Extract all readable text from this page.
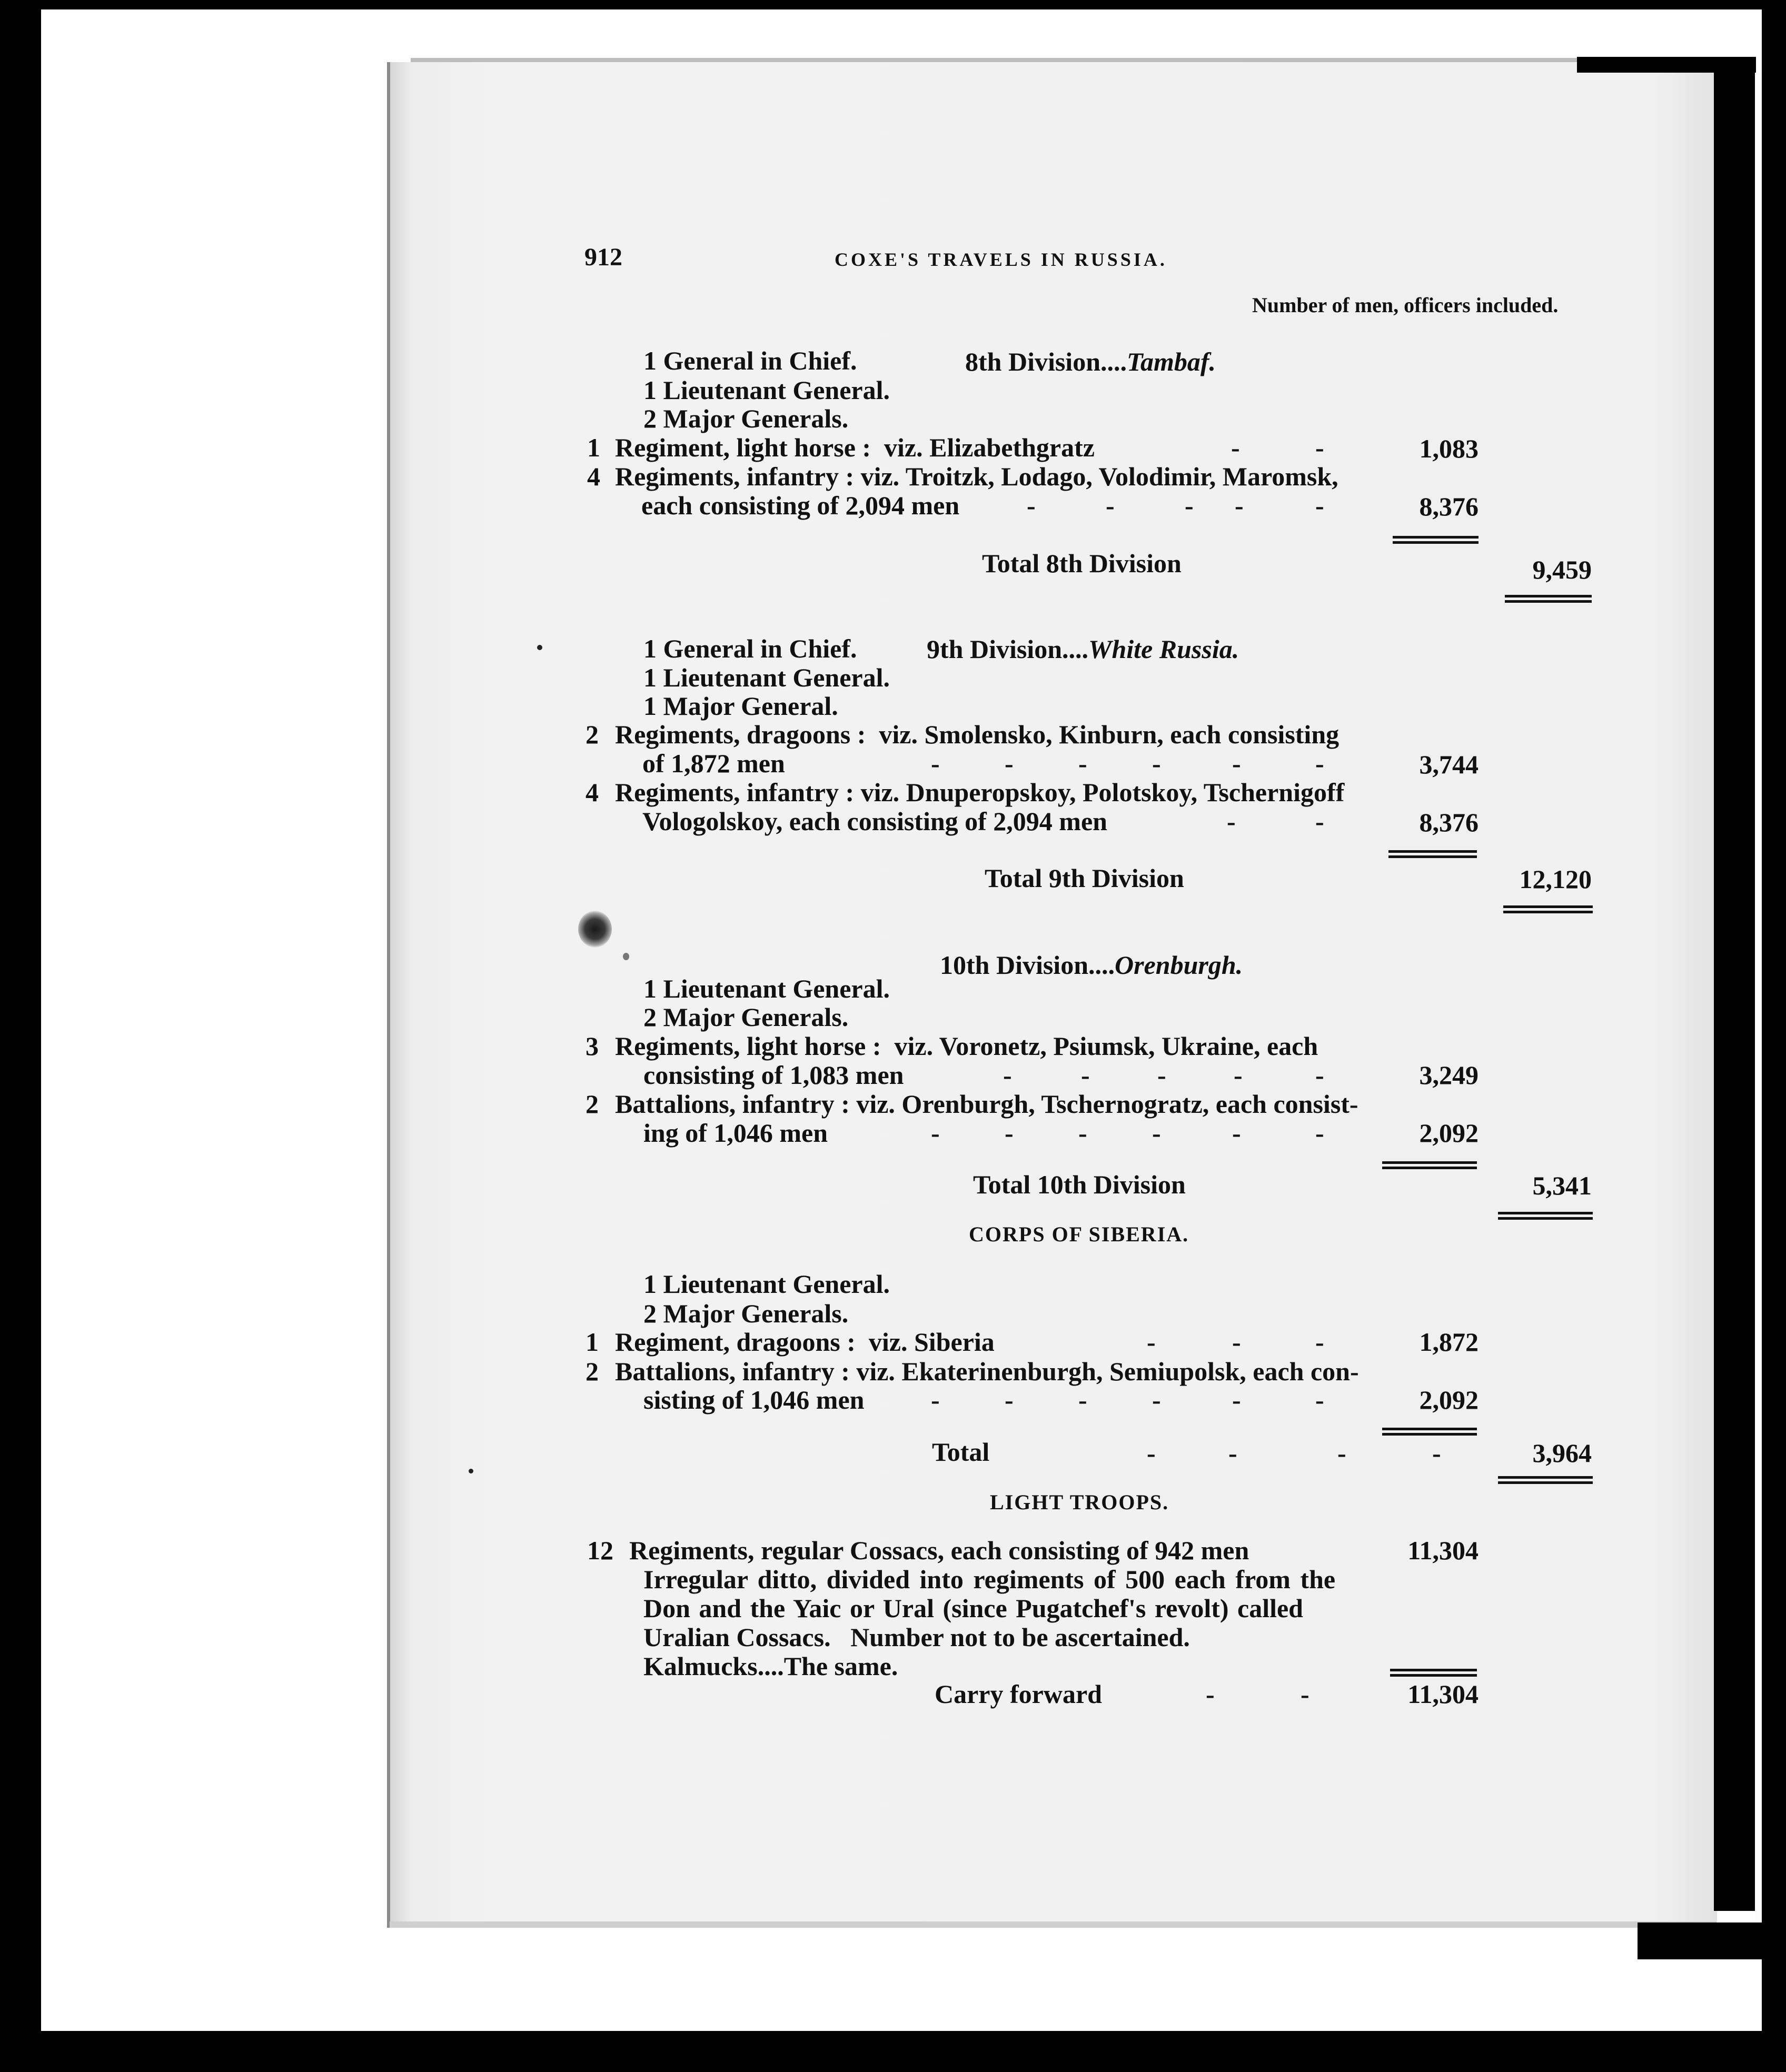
912	COXE'S TRAVELS IN RUSSIA.
Number of men, officers included.

8th Division....Tambaf.

1 General in Chief.
1 Lieutenant General.
2 Major Generals.
1 Regiment, light horse :  viz. Elizabethgratz	-	-	1,083
4 Regiments, infantry : viz. Troitzk, Lodago, Volodimir, Maromsk,
each consisting of 2,094 men	-	-	- -	-	8,376
Total 8th Division	9,459

9th Division....White Russia.

1 General in Chief.
1 Lieutenant General.
1 Major General.
2 Regiments, dragoons :  viz. Smolensko, Kinburn, each consisting
of 1,872 men	- - - -	-	-	3,744
4 Regiments, infantry : viz. Dnuperopskoy, Polotskoy, Tschernigoff
Vologolskoy, each consisting of 2,094 men	-	-	8,376
Total 9th Division	12,120

10th Division....Orenburgh.

1 Lieutenant General.
2 Major Generals.
3 Regiments, light horse :  viz. Voronetz, Psiumsk, Ukraine, each
consisting of 1,083 men	-	-	-	-	-	3,249
2 Battalions, infantry : viz. Orenburgh, Tschernogratz, each consist-
ing of 1,046 men	- - - -	-	-	2,092
Total 10th Division	5,341
CORPS OF SIBERIA.
1 Lieutenant General.
2 Major Generals.
1 Regiment, dragoons :  viz. Siberia	-	-	-	1,872
2 Battalions, infantry : viz. Ekaterinenburgh, Semiupolsk, each con-
sisting of 1,046 men	- - - -	-	-	2,092
Total	-	-	-	-	3,964
LIGHT TROOPS.
12 Regiments, regular Cossacs, each consisting of 942 men	11,304
Irregular ditto, divided into regiments of 500 each from the
Don and the Yaic or Ural (since Pugatchef's revolt) called
Uralian Cossacs.   Number not to be ascertained.
Kalmucks....The same.
Carry forward	-	-	11,304
